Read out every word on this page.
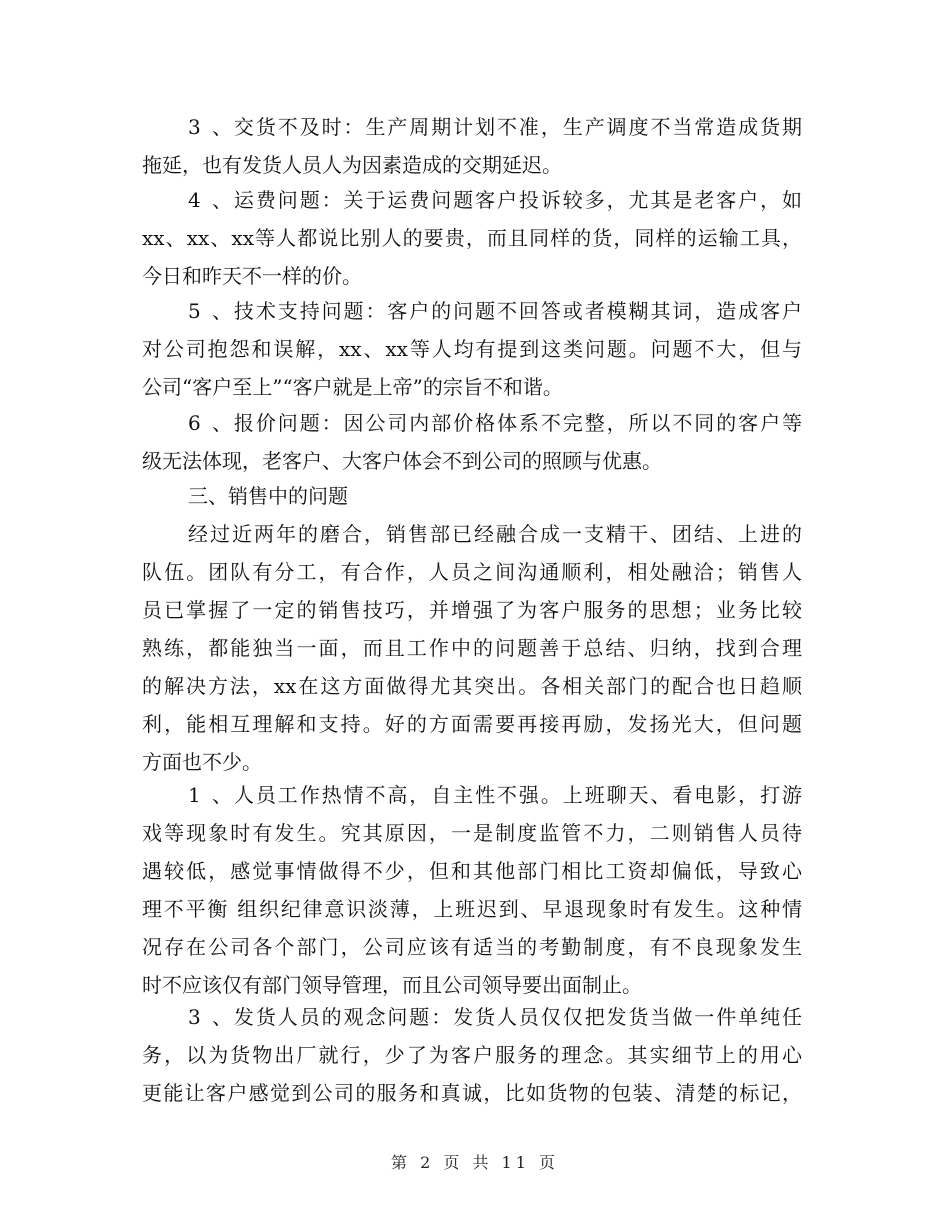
3、交货不及时：生产周期计划不准，生产调度不当常造成货期
拖延，也有发货人员人为因素造成的交期延迟。
4、运费问题：关于运费问题客户投诉较多，尤其是老客户，如
xx、xx、xx等人都说比别人的要贵，而且同样的货，同样的运输工具，
今日和昨天不一样的价。
5、技术支持问题：客户的问题不回答或者模糊其词，造成客户
对公司抱怨和误解，xx、xx等人均有提到这类问题。问题不大，但与
公司“客户至上”“客户就是上帝”的宗旨不和谐。
6、报价问题：因公司内部价格体系不完整，所以不同的客户等
级无法体现，老客户、大客户体会不到公司的照顾与优惠。
三、销售中的问题
经过近两年的磨合，销售部已经融合成一支精干、团结、上进的
队伍。团队有分工，有合作，人员之间沟通顺利，相处融洽；销售人
员已掌握了一定的销售技巧，并增强了为客户服务的思想；业务比较
熟练，都能独当一面，而且工作中的问题善于总结、归纳，找到合理
的解决方法，xx在这方面做得尤其突出。各相关部门的配合也日趋顺
利，能相互理解和支持。好的方面需要再接再励，发扬光大，但问题
方面也不少。
1、人员工作热情不高，自主性不强。上班聊天、看电影，打游
戏等现象时有发生。究其原因，一是制度监管不力，二则销售人员待
遇较低，感觉事情做得不少，但和其他部门相比工资却偏低，导致心
理不平衡 组织纪律意识淡薄，上班迟到、早退现象时有发生。这种情
况存在公司各个部门，公司应该有适当的考勤制度，有不良现象发生
时不应该仅有部门领导管理，而且公司领导要出面制止。
3、发货人员的观念问题：发货人员仅仅把发货当做一件单纯任
务，以为货物出厂就行，少了为客户服务的理念。其实细节上的用心
更能让客户感觉到公司的服务和真诚，比如货物的包装、清楚的标记，
第 2 页 共 11 页
